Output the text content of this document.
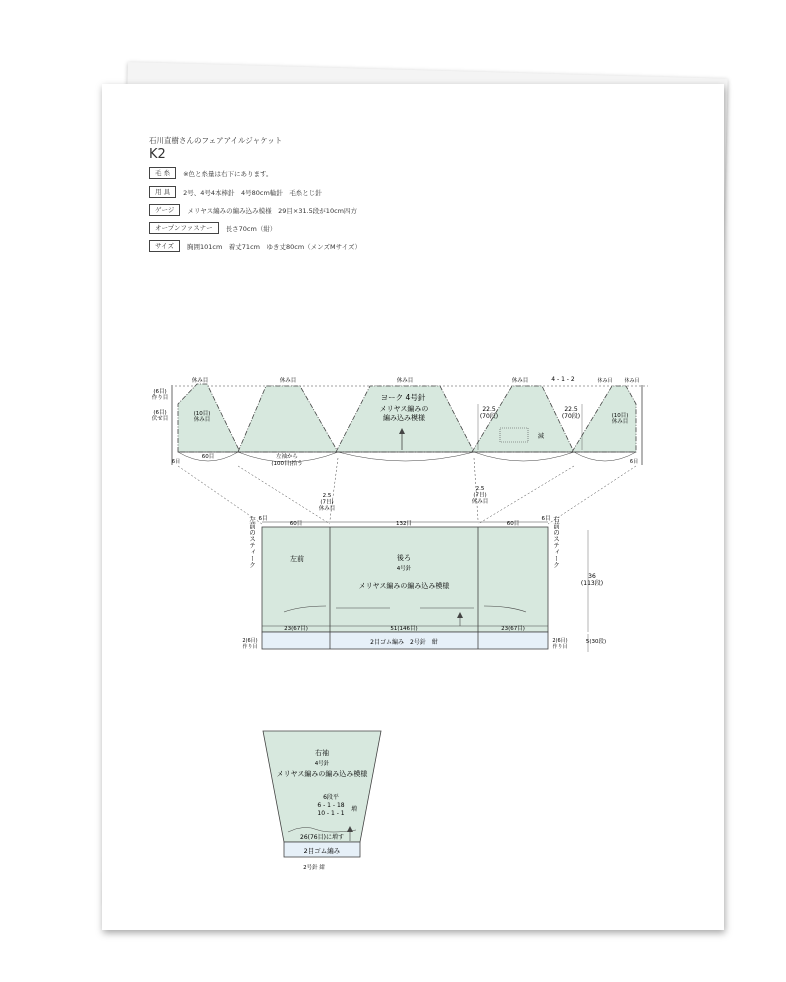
石川直樹さんのフェアアイルジャケット
K2
毛 糸	※色と糸量は右下にあります。
用 具	2号、4号4本棒針　4号80cm輪針　毛糸とじ針
ゲージ	メリヤス編みの編み込み模様　29目×31.5段が10cm四方
オープンファスナー	長さ70cm（紺）
サイズ	胸囲101cm　着丈71cm　ゆき丈80cm（メンズMサイズ）
休み目	休み目	休み目	休み目	休み目 休み目
4 - 1 - 2
ヨーク 4号針
メリヤス編みの編み込み模様
(6目)作り目
(6目)伏せ目
(10目)休み目
(10目)休み目
22.5 (70段)
22.5 (70段)
減
60目	左袖から(100目)拾う
6目	6目
6目
60目	132目	60目
6目
2.5 (7目)休み目
2.5 (7目)休み目
左前	後ろ
4号針
メリヤス編みの編み込み模様
左前のスティーク	右前のスティーク
36 (113段)
23(67目)	51(146目)	23(67目)
2(6目)作り目
2(6目)作り目
2目ゴム編み　2号針　紺	5(30段)
右袖
4号針
メリヤス編みの編み込み模様
6段平
6 - 1 - 18
10 - 1 - 1
増
26(76目)に増す
2目ゴム編み
2号針 紺
